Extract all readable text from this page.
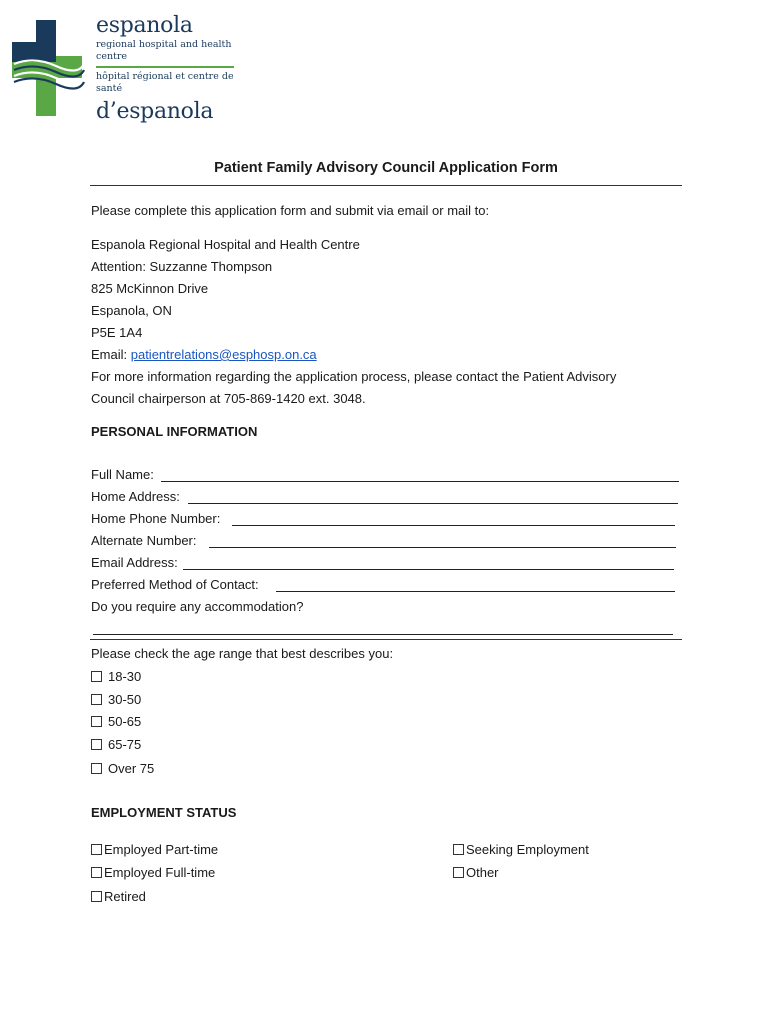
espanola
regional hospital and health centre
hôpital régional et centre de santé
d’espanola
Patient Family Advisory Council Application Form
Please complete this application form and submit via email or mail to:
Espanola Regional Hospital and Health Centre
Attention: Suzzanne Thompson
825 McKinnon Drive
Espanola, ON
P5E 1A4
Email: patientrelations@esphosp.on.ca
For more information regarding the application process, please contact the Patient Advisory
Council chairperson at 705-869-1420 ext. 3048.
PERSONAL INFORMATION
Full Name:
Home Address:
Home Phone Number:
Alternate Number:
Email Address:
Preferred Method of Contact:
Do you require any accommodation?
Please check the age range that best describes you:
18-30
30-50
50-65
65-75
Over 75
EMPLOYMENT STATUS
Employed Part-time
Employed Full-time
Retired
Seeking Employment
Other
